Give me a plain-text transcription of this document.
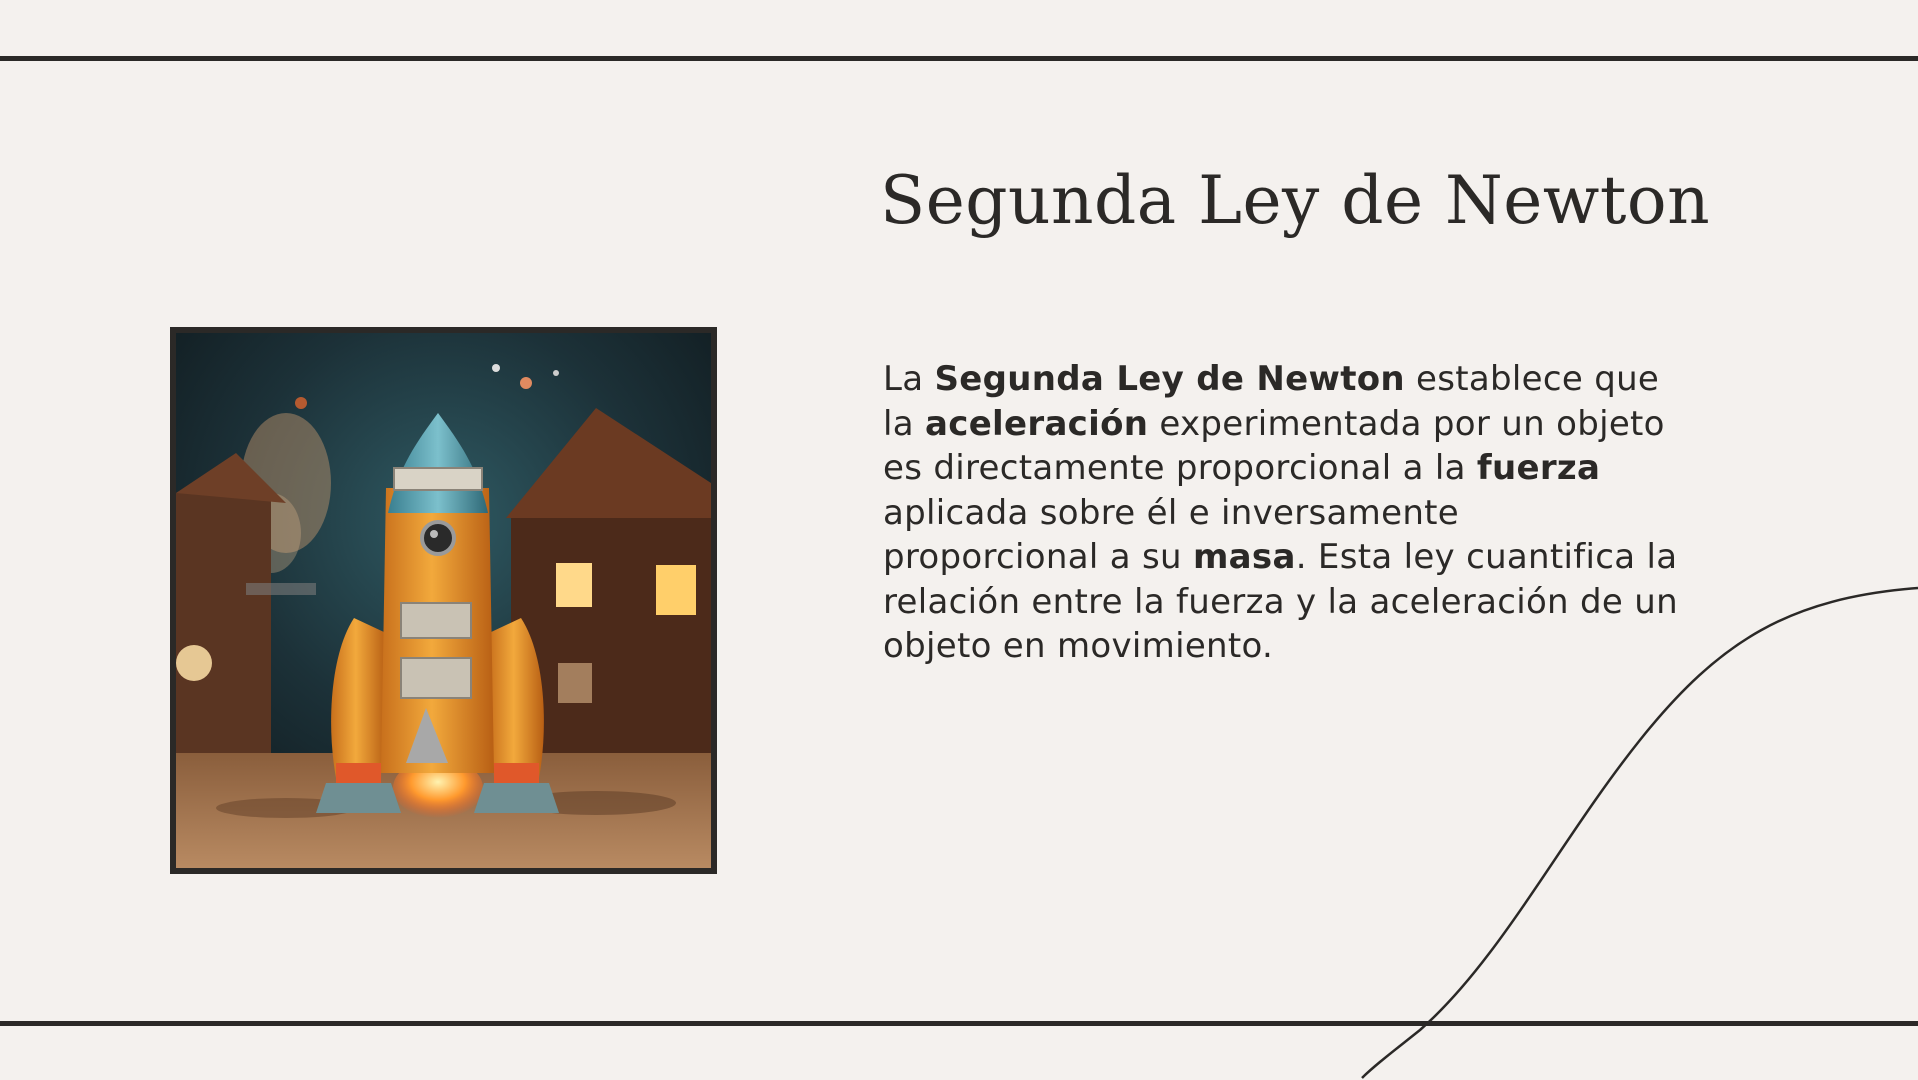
Segunda Ley de Newton

La Segunda Ley de Newton establece que la aceleración experimentada por un objeto es directamente proporcional a la fuerza aplicada sobre él e inversamente proporcional a su masa. Esta ley cuantifica la relación entre la fuerza y la aceleración de un objeto en movimiento.
